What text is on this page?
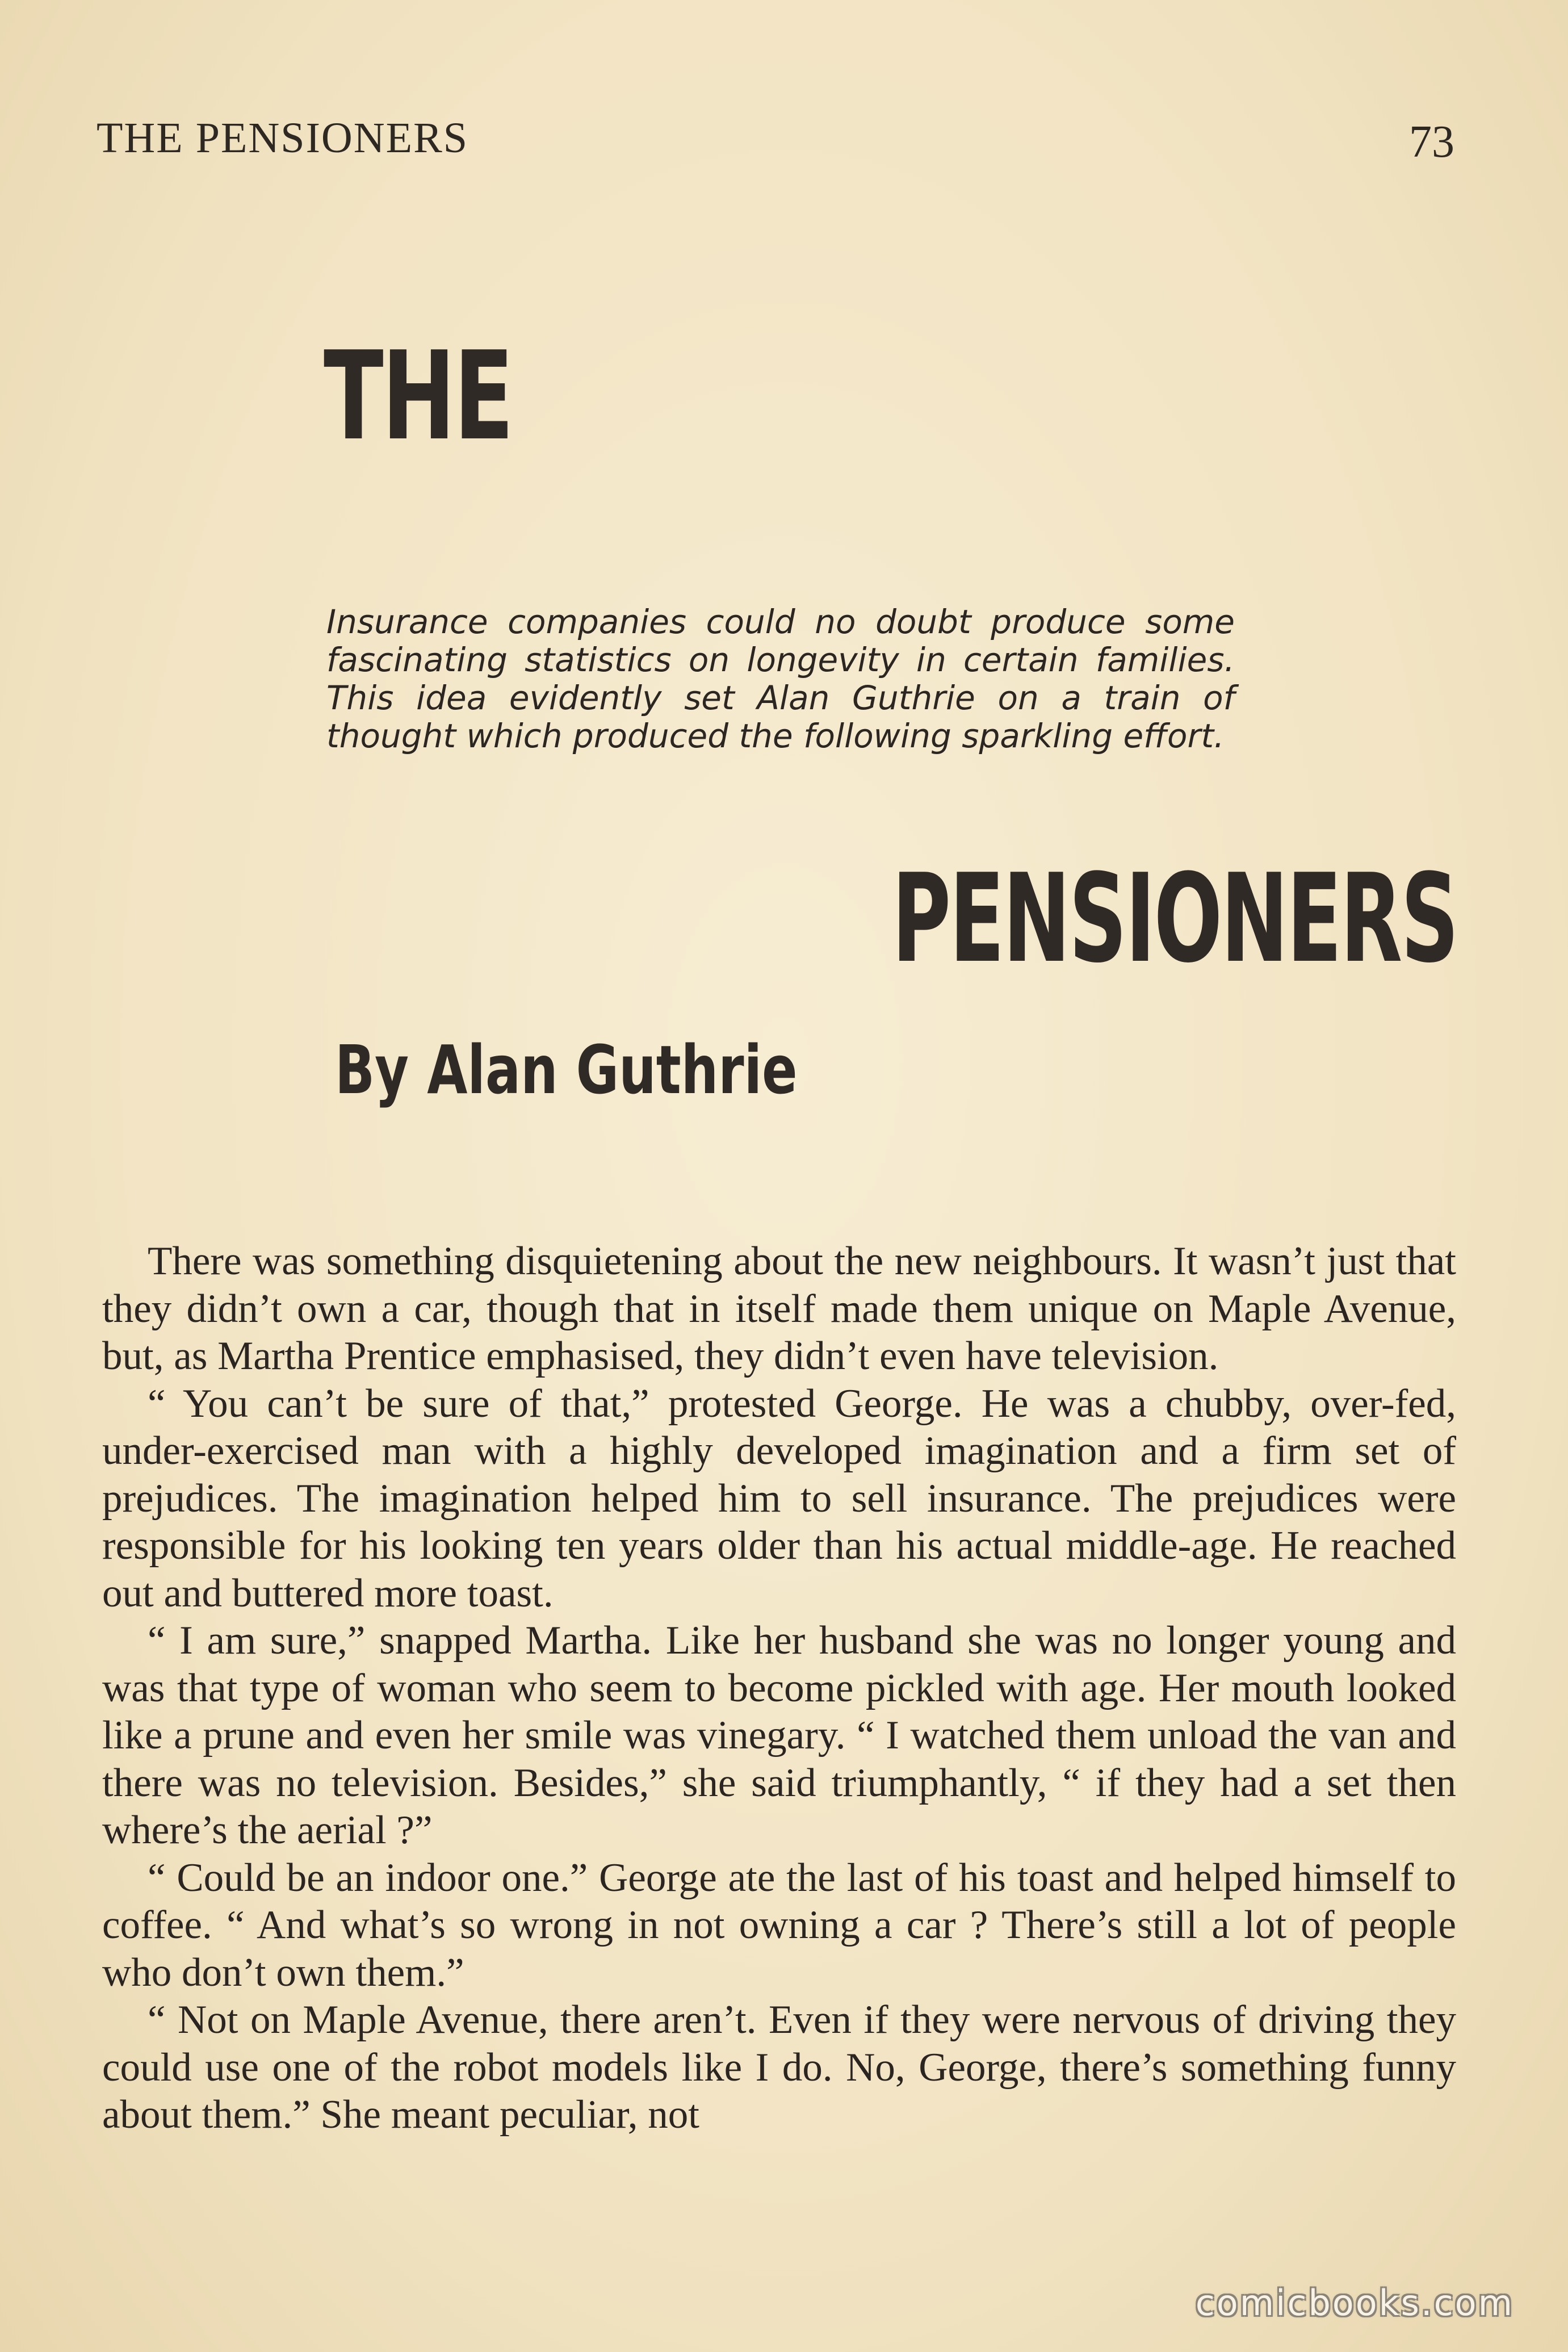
THE PENSIONERS	73
THE
Insurance companies could no doubt produce some fascinating statistics on longevity in certain families. This idea evidently set Alan Guthrie on a train of thought which produced the following sparkling effort.
PENSIONERS
By Alan Guthrie

There was something disquietening about the new neighbours. It wasn’t just that they didn’t own a car, though that in itself made them unique on Maple Avenue, but, as Martha Prentice emphasised, they didn’t even have television.

“ You can’t be sure of that,” protested George. He was a chubby, over-fed, under-exercised man with a highly developed imagination and a firm set of prejudices. The imagination helped him to sell insurance. The prejudices were responsible for his looking ten years older than his actual middle-age. He reached out and buttered more toast.

“ I am sure,” snapped Martha. Like her husband she was no longer young and was that type of woman who seem to become pickled with age. Her mouth looked like a prune and even her smile was vinegary. “ I watched them unload the van and there was no television. Besides,” she said triumphantly, “ if they had a set then where’s the aerial ?”

“ Could be an indoor one.” George ate the last of his toast and helped himself to coffee. “ And what’s so wrong in not owning a car ? There’s still a lot of people who don’t own them.”

“ Not on Maple Avenue, there aren’t. Even if they were nervous of driving they could use one of the robot models like I do. No, George, there’s something funny about them.” She meant peculiar, not

comicbooks.com
